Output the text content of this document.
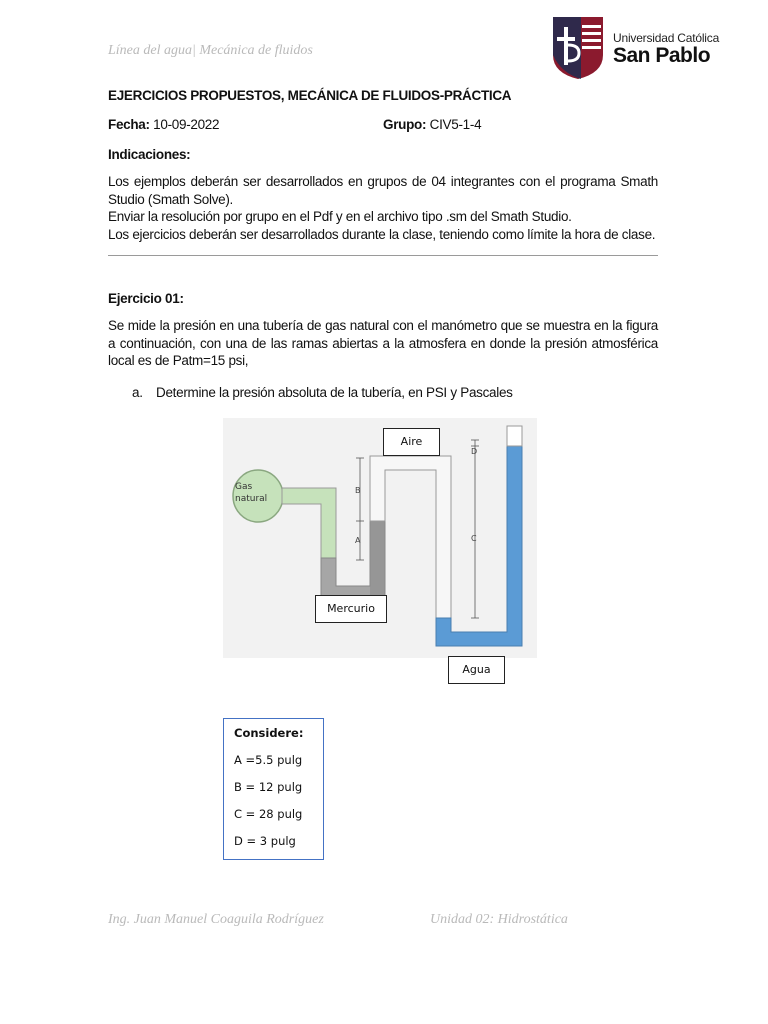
Línea del agua| Mecánica de fluidos
Universidad Católica
San Pablo
EJERCICIOS PROPUESTOS, MECÁNICA DE FLUIDOS-PRÁCTICA
Fecha: 10-09-2022	Grupo: CIV5-1-4
Indicaciones:

Los ejemplos deberán ser desarrollados en grupos de 04 integrantes con el programa Smath Studio (Smath Solve).

Enviar la resolución por grupo en el Pdf y en el archivo tipo .sm del Smath Studio.

Los ejercicios deberán ser desarrollados durante la clase, teniendo como límite la hora de clase.

Ejercicio 01:
Se mide la presión en una tubería de gas natural con el manómetro que se muestra en la figura a continuación, con una de las ramas abiertas a la atmosfera en donde la presión atmosférica local es de Patm=15 psi,
a. Determine la presión absoluta de la tubería, en PSI y Pascales
Gas
natural
B
A
D
C
Aire
Mercurio
Agua
Considere:
A =5.5 pulg
B = 12 pulg
C = 28 pulg
D = 3 pulg
Ing. Juan Manuel Coaguila Rodríguez	Unidad 02: Hidrostática
